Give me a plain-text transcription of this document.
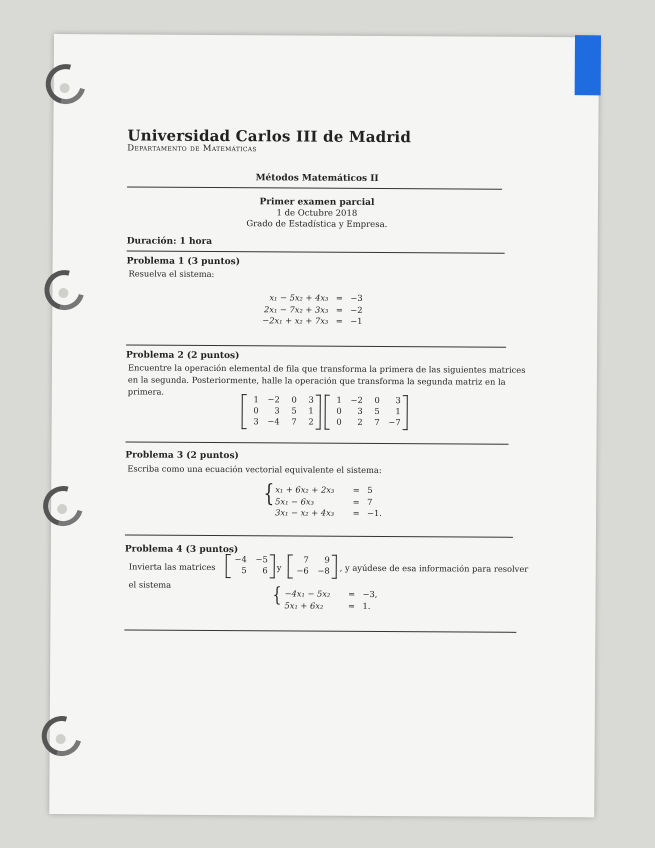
Universidad Carlos III de Madrid
Departamento de Matemáticas
Métodos Matemáticos II
Primer examen parcial
1 de Octubre 2018
Grado de Estadística y Empresa.
Duración: 1 hora
Problema 1 (3 puntos)
Resuelva el sistema:
x₁ − 5x₂ + 4x₃ = −3
2x₁ − 7x₂ + 3x₃ = −2
−2x₁ + x₂ + 7x₃ = −1
Problema 2 (2 puntos)
Encuentre la operación elemental de fila que transforma la primera de las siguientes matrices en la segunda. Posteriormente, halle la operación que transforma la segunda matriz en la primera.
1 −2	0	3
0	3	5	1
3 −4	7	2
1 −2	0	3
0	3	5	1
0	2	7 −7
Problema 3 (2 puntos)
Escriba como una ecuación vectorial equivalente el sistema:
{ x₁ + 6x₂ + 2x₃ = 5
5x₁ − 6x₃	= 7
3x₁ − x₂ + 4x₃ = −1.
Problema 4 (3 puntos)
Invierta las matrices
−4 −5
5	6 y
7	9
−6 −8 , y ayúdese de esa información para resolver
el sistema	{ −4x₁ − 5x₂ = −3,
5x₁ + 6x₂	= 1.
